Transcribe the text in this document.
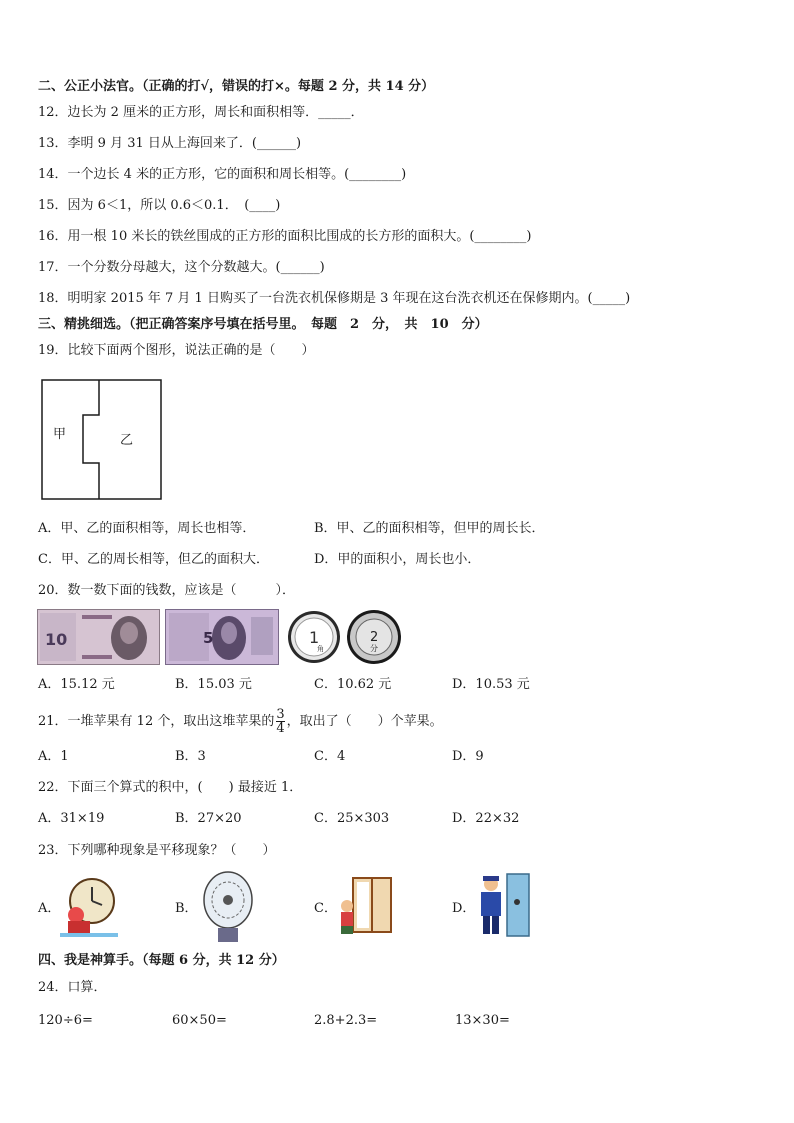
二、公正小法官。（正确的打√，错误的打×。每题 2 分，共 14 分）
12．边长为 2 厘米的正方形，周长和面积相等．_____．
13．李明 9 月 31 日从上海回来了．(______)
14．一个边长 4 米的正方形，它的面积和周长相等。(________)
15．因为 6＜1，所以 0.6＜0.1．　(____)
16．用一根 10 米长的铁丝围成的正方形的面积比围成的长方形的面积大。(________)
17．一个分数分母越大，这个分数越大。(______)
18．明明家 2015 年 7 月 1 日购买了一台洗衣机保修期是 3 年现在这台洗衣机还在保修期内。(_____)
三、精挑细选。（把正确答案序号填在括号里。　每题　2　分，　共　10　分）
19．比较下面两个图形，说法正确的是（　　）
甲	乙
A．甲、乙的面积相等，周长也相等．	B．甲、乙的面积相等，但甲的周长长．
C．甲、乙的周长相等，但乙的面积大．	D．甲的面积小，周长也小．
20．数一数下面的钱数，应该是（　　　）．
10	5	1
角
2
分
A．15.12 元	B．15.03 元	C．10.62 元	D．10.53 元
21．一堆苹果有 12 个，取出这堆苹果的 $\frac{3}{4}$ ，取出了（　　）个苹果。
A．1	B．3	C．4	D．9
22．下面三个算式的积中，(　　) 最接近 1．
A．31×19	B．27×20	C．25×303	D．22×32
23．下列哪种现象是平移现象？（　　）
A．	B．	C．	D．
四、我是神算手。（每题 6 分，共 12 分）
24．口算．
120÷6=	60×50=	2.8+2.3=	13×30=
